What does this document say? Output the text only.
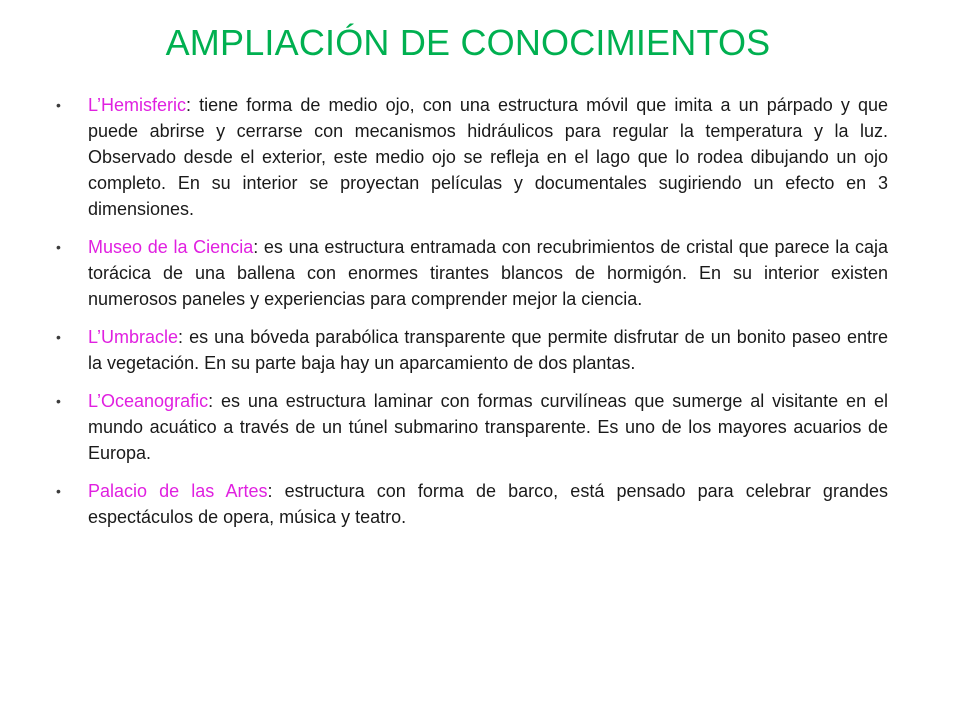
AMPLIACIÓN DE CONOCIMIENTOS
•	L’Hemisferic: tiene forma de medio ojo, con una estructura móvil que imita a un párpado y que puede abrirse y cerrarse con mecanismos hidráulicos para regular la temperatura y la luz. Observado desde el exterior, este medio ojo se refleja en el lago que lo rodea dibujando un ojo completo. En su interior se proyectan películas y documentales sugiriendo un efecto en 3 dimensiones.
•	Museo de la Ciencia: es una estructura entramada con recubrimientos de cristal que parece la caja torácica de una ballena con enormes tirantes blancos de hormigón. En su interior existen numerosos paneles y experiencias para comprender mejor la ciencia.
•	L’Umbracle: es una bóveda parabólica transparente que permite disfrutar de un bonito paseo entre la vegetación. En su parte baja hay un aparcamiento de dos plantas.
•	L’Oceanografic: es una estructura laminar con formas curvilíneas que sumerge al visitante en el mundo acuático a través de un túnel submarino transparente. Es uno de los mayores acuarios de Europa.
•	Palacio de las Artes: estructura con forma de barco, está pensado para celebrar grandes espectáculos de opera, música y teatro.
